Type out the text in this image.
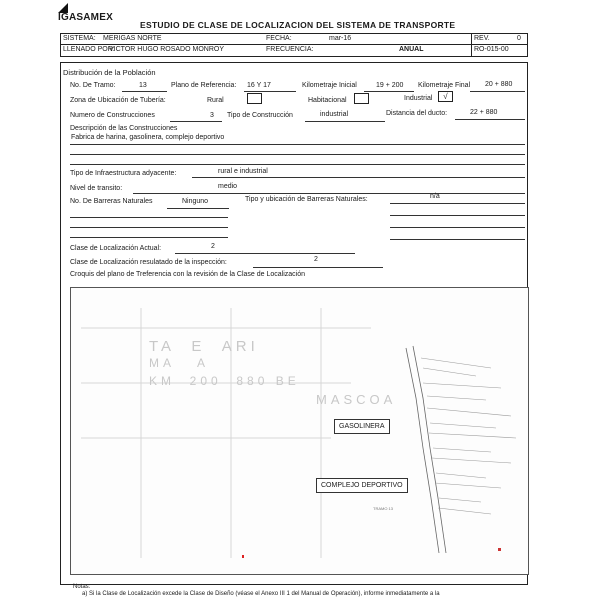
IGASAMEX
ESTUDIO DE CLASE DE LOCALIZACION DEL SISTEMA DE TRANSPORTE
SISTEMA: MERIGAS NORTE	FECHA:	mar-16	REV.	0
LLENADO POR:
VICTOR HUGO ROSADO MONROY	FRECUENCIA:	ANUAL	RO-015-00
Distribución de la Población
No. De Tramo:	13	Plano de Referencia: 16 Y 17	Kilometraje Inicial	19 + 200 Kilometraje Final 20 + 880
Zona de Ubicación de Tubería:	Rural	Habitacional	Industrial	√
Numero de Construcciones	3 Tipo de Construcción	industrial	Distancia del ducto:	22 + 880
Descripción de las Construcciones
Fabrica de harina, gasolinera, complejo deportivo
Tipo de Infraestructura adyacente:	rural e industrial
Nivel de transito:	medio
No. De Barreras Naturales	Ninguno	Tipo y ubicación de Barreras Naturales:	n/a
Clase de Localización Actual:	2
Clase de Localización resulatado de la inspección:	2
Croquis del plano de Treferencia con la revisión de la Clase de Localización
TA  E  ARI
MA   A
KM  200  880 BE
MASCOA
GASOLINERA
COMPLEJO DEPORTIVO
TRAMO 13
Notas:
a) Si la Clase de Localización excede la Clase de Diseño (véase el Anexo III 1 del Manual de Operación), informe inmediatamente a la
